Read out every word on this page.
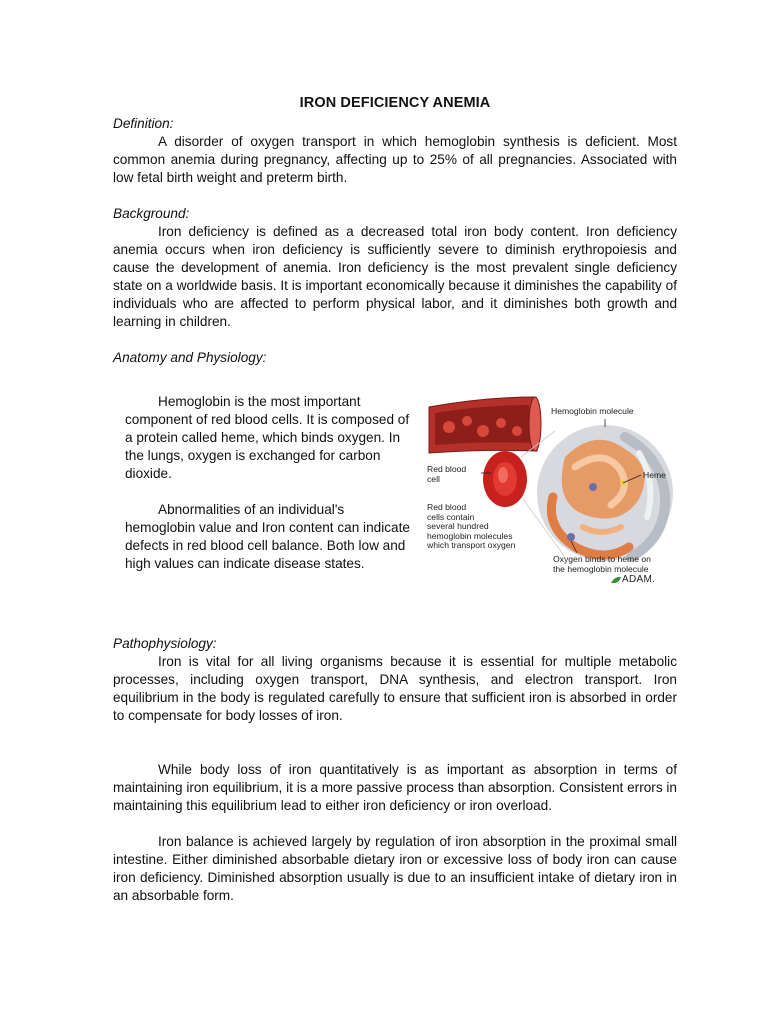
IRON DEFICIENCY ANEMIA

Definition:

A disorder of oxygen transport in which hemoglobin synthesis is deficient. Most common anemia during pregnancy, affecting up to 25% of all pregnancies. Associated with low fetal birth weight and preterm birth.

Background:

Iron deficiency is defined as a decreased total iron body content. Iron deficiency anemia occurs when iron deficiency is sufficiently severe to diminish erythropoiesis and cause the development of anemia. Iron deficiency is the most prevalent single deficiency state on a worldwide basis. It is important economically because it diminishes the capability of individuals who are affected to perform physical labor, and it diminishes both growth and learning in children.

Anatomy and Physiology:

Hemoglobin is the most important component of red blood cells. It is composed of a protein called heme, which binds oxygen. In the lungs, oxygen is exchanged for carbon dioxide.

Abnormalities of an individual's hemoglobin value and Iron content can indicate defects in red blood cell balance. Both low and high values can indicate disease states.

Hemoglobin molecule
Heme
Red blood
cell
Red blood
cells contain
several hundred
hemoglobin molecules
which transport oxygen
Oxygen binds to heme on
the hemoglobin molecule
ADAM.

Pathophysiology:

Iron is vital for all living organisms because it is essential for multiple metabolic processes, including oxygen transport, DNA synthesis, and electron transport. Iron equilibrium in the body is regulated carefully to ensure that sufficient iron is absorbed in order to compensate for body losses of iron.

While body loss of iron quantitatively is as important as absorption in terms of maintaining iron equilibrium, it is a more passive process than absorption. Consistent errors in maintaining this equilibrium lead to either iron deficiency or iron overload.

Iron balance is achieved largely by regulation of iron absorption in the proximal small intestine. Either diminished absorbable dietary iron or excessive loss of body iron can cause iron deficiency. Diminished absorption usually is due to an insufficient intake of dietary iron in an absorbable form.
